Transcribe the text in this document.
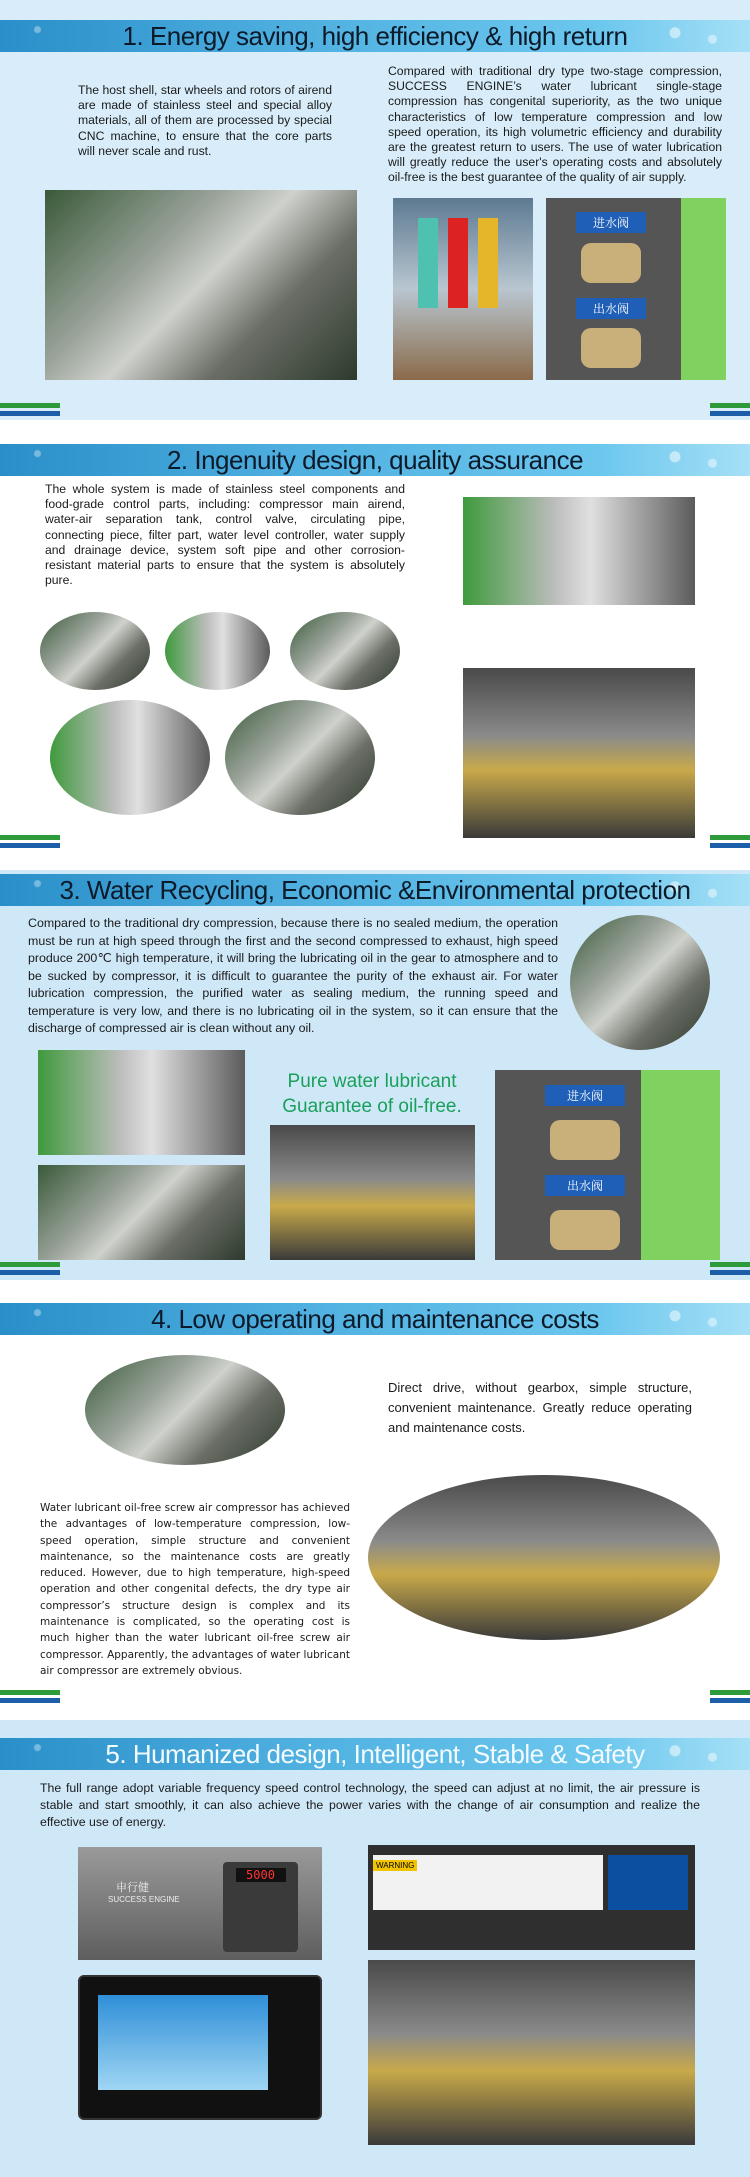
1. Energy saving, high efficiency & high return
The host shell, star wheels and rotors of airend are made of stainless steel and special alloy materials, all of them are processed by special CNC machine, to ensure that the core parts will never scale and rust.
Compared with traditional dry type two-stage compression, SUCCESS ENGINE’s water lubricant single-stage compression has congenital superiority, as the two unique characteristics of low temperature compression and low speed operation, its high volumetric efficiency and durability are the greatest return to users. The use of water lubrication will greatly reduce the user's operating costs and absolutely oil-free is the best guarantee of the quality of air supply.
进水阀
出水阀
2. Ingenuity design, quality assurance
The whole system is made of stainless steel components and food-grade control parts, including: compressor main airend, water-air separation tank, control valve, circulating pipe, connecting piece, filter part, water level controller, water supply and drainage device, system soft pipe and other corrosion-resistant material parts to ensure that the system is absolutely pure.
3. Water Recycling, Economic &Environmental protection
Compared to the traditional dry compression, because there is no sealed medium, the operation must be run at high speed through the first and the second compressed to exhaust, high speed produce 200℃ high temperature, it will bring the lubricating oil in the gear to atmosphere and to be sucked by compressor, it is difficult to guarantee the purity of the exhaust air. For water lubrication compression, the purified water as sealing medium, the running speed and temperature is very low, and there is no lubricating oil in the system, so it can ensure that the discharge of compressed air is clean without any oil.
Pure water lubricant
Guarantee of oil-free.	进水阀
出水阀
4. Low operating and maintenance costs
Direct drive, without gearbox, simple structure, convenient maintenance. Greatly reduce operating and maintenance costs.
Water lubricant oil-free screw air compressor has achieved the advantages of low-temperature compression, low-speed operation, simple structure and convenient maintenance, so the maintenance costs are greatly reduced. However, due to high temperature, high-speed operation and other congenital defects, the dry type air compressor’s structure design is complex and its maintenance is complicated, so the operating cost is much higher than the water lubricant oil-free screw air compressor. Apparently, the advantages of water lubricant air compressor are extremely obvious.
5. Humanized design, Intelligent, Stable & Safety
The full range adopt variable frequency speed control technology, the speed can adjust at no limit, the air pressure is stable and start smoothly, it can also achieve the power varies with the change of air consumption and realize the effective use of energy.
申行健
SUCCESS ENGINE
5000
WARNING
